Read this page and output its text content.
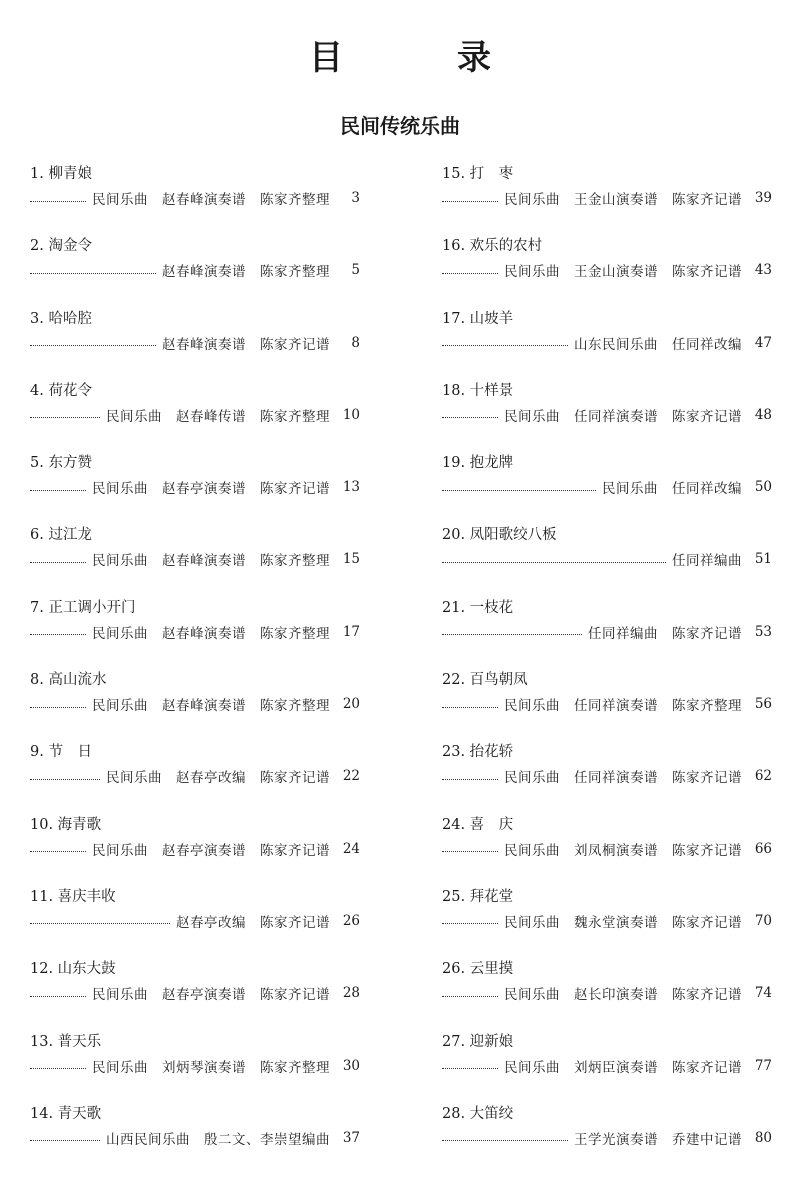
目　录
民间传统乐曲
1. 柳青娘
民间乐曲　赵春峰演奏谱　陈家齐整理	3
2. 淘金令
赵春峰演奏谱　陈家齐整理	5
3. 哈哈腔
赵春峰演奏谱　陈家齐记谱	8
4. 荷花令
民间乐曲　赵春峰传谱　陈家齐整理 10
5. 东方赞
民间乐曲　赵春亭演奏谱　陈家齐记谱 13
6. 过江龙
民间乐曲　赵春峰演奏谱　陈家齐整理 15
7. 正工调小开门
民间乐曲　赵春峰演奏谱　陈家齐整理 17
8. 高山流水
民间乐曲　赵春峰演奏谱　陈家齐整理 20
9. 节　日
民间乐曲　赵春亭改编　陈家齐记谱 22
10. 海青歌
民间乐曲　赵春亭演奏谱　陈家齐记谱 24
11. 喜庆丰收
赵春亭改编　陈家齐记谱 26
12. 山东大鼓
民间乐曲　赵春亭演奏谱　陈家齐记谱 28
13. 普天乐
民间乐曲　刘炳琴演奏谱　陈家齐整理 30
14. 青天歌
山西民间乐曲　殷二文、李崇望编曲 37
15. 打　枣
民间乐曲　王金山演奏谱　陈家齐记谱 39
16. 欢乐的农村
民间乐曲　王金山演奏谱　陈家齐记谱 43
17. 山坡羊
山东民间乐曲　任同祥改编 47
18. 十样景
民间乐曲　任同祥演奏谱　陈家齐记谱 48
19. 抱龙牌
民间乐曲　任同祥改编 50
20. 凤阳歌绞八板
任同祥编曲 51
21. 一枝花
任同祥编曲　陈家齐记谱 53
22. 百鸟朝凤
民间乐曲　任同祥演奏谱　陈家齐整理 56
23. 抬花轿
民间乐曲　任同祥演奏谱　陈家齐记谱 62
24. 喜　庆
民间乐曲　刘凤桐演奏谱　陈家齐记谱 66
25. 拜花堂
民间乐曲　魏永堂演奏谱　陈家齐记谱 70
26. 云里摸
民间乐曲　赵长印演奏谱　陈家齐记谱 74
27. 迎新娘
民间乐曲　刘炳臣演奏谱　陈家齐记谱 77
28. 大笛绞
王学光演奏谱　乔建中记谱 80
